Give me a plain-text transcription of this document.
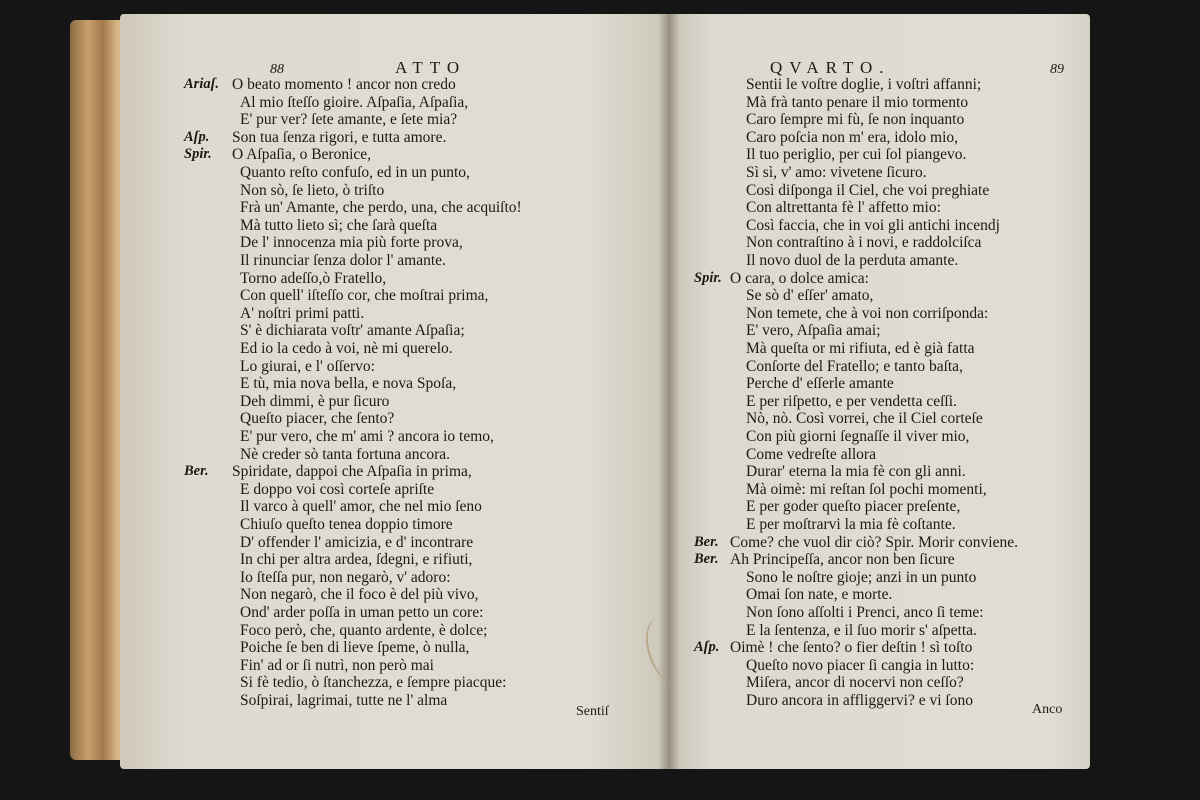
88	ATTO
Ariaſ. O beato momento ! ancor non credo
Al mio ſteſſo gioire. Aſpaſia, Aſpaſia,
E' pur ver? ſete amante, e ſete mia?
Aſp. Son tua ſenza rigori, e tutta amore.
Spir. O Aſpaſia, o Beronice,
Quanto reſto confuſo, ed in un punto,
Non sò, ſe lieto, ò triſto
Frà un' Amante, che perdo, una, che acquiſto!
Mà tutto lieto sì; che ſarà queſta
De l' innocenza mia più forte prova,
Il rinunciar ſenza dolor l' amante.
Torno adeſſo,ò Fratello,
Con quell' iſteſſo cor, che moſtrai prima,
A' noſtri primi patti.
S' è dichiarata voſtr' amante Aſpaſia;
Ed io la cedo à voi, nè mi querelo.
Lo giurai, e l' oſſervo:
E tù, mia nova bella, e nova Spoſa,
Deh dimmi, è pur ſicuro
Queſto piacer, che ſento?
E' pur vero, che m' ami ? ancora io temo,
Nè creder sò tanta fortuna ancora.
Ber. Spiridate, dappoi che Aſpaſia in prima,
E doppo voi così corteſe apriſte
Il varco à quell' amor, che nel mio ſeno
Chiuſo queſto tenea doppio timore
D' offender l' amicizia, e d' incontrare
In chi per altra ardea, ſdegni, e rifiuti,
Io ſteſſa pur, non negarò, v' adoro:
Non negarò, che il foco è del più vivo,
Ond' arder poſſa in uman petto un core:
Foco però, che, quanto ardente, è dolce;
Poiche ſe ben di lieve ſpeme, ò nulla,
Fin' ad or ſi nutrì, non però mai
Si fè tedio, ò ſtanchezza, e ſempre piacque:
Soſpirai, lagrimai, tutte ne l' alma
Sentiſ
QVARTO.	89
Sentii le voſtre doglie, i voſtri affanni;
Mà frà tanto penare il mio tormento
Caro ſempre mi fù, ſe non inquanto
Caro poſcia non m' era, idolo mio,
Il tuo periglio, per cui ſol piangevo.
Sì sì, v' amo: vivetene ſicuro.
Così diſponga il Ciel, che voi preghiate
Con altrettanta fè l' affetto mio:
Così faccia, che in voi gli antichi incendj
Non contraſtino à i novi, e raddolciſca
Il novo duol de la perduta amante.
Spir. O cara, o dolce amica:
Se sò d' eſſer' amato,
Non temete, che à voi non corriſponda:
E' vero, Aſpaſia amai;
Mà queſta or mi rifiuta, ed è già fatta
Conſorte del Fratello; e tanto baſta,
Perche d' eſſerle amante
E per riſpetto, e per vendetta ceſſi.
Nò, nò. Così vorrei, che il Ciel corteſe
Con più giorni ſegnaſſe il viver mio,
Come vedreſte allora
Durar' eterna la mia fè con gli anni.
Mà oimè: mi reſtan ſol pochi momenti,
E per goder queſto piacer preſente,
E per moſtrarvi la mia fè coſtante.
Ber. Come? che vuol dir ciò? Spir. Morir conviene.
Ber. Ah Principeſſa, ancor non ben ſicure
Sono le noſtre gioje; anzi in un punto
Omai ſon nate, e morte.
Non ſono aſſolti i Prenci, anco ſi teme:
E la ſentenza, e il ſuo morir s' aſpetta.
Aſp. Oimè ! che ſento? o fier deſtin ! sì toſto
Queſto novo piacer ſi cangia in lutto:
Miſera, ancor di nocervi non ceſſo?
Duro ancora in affliggervi? e vi ſono
Anco
